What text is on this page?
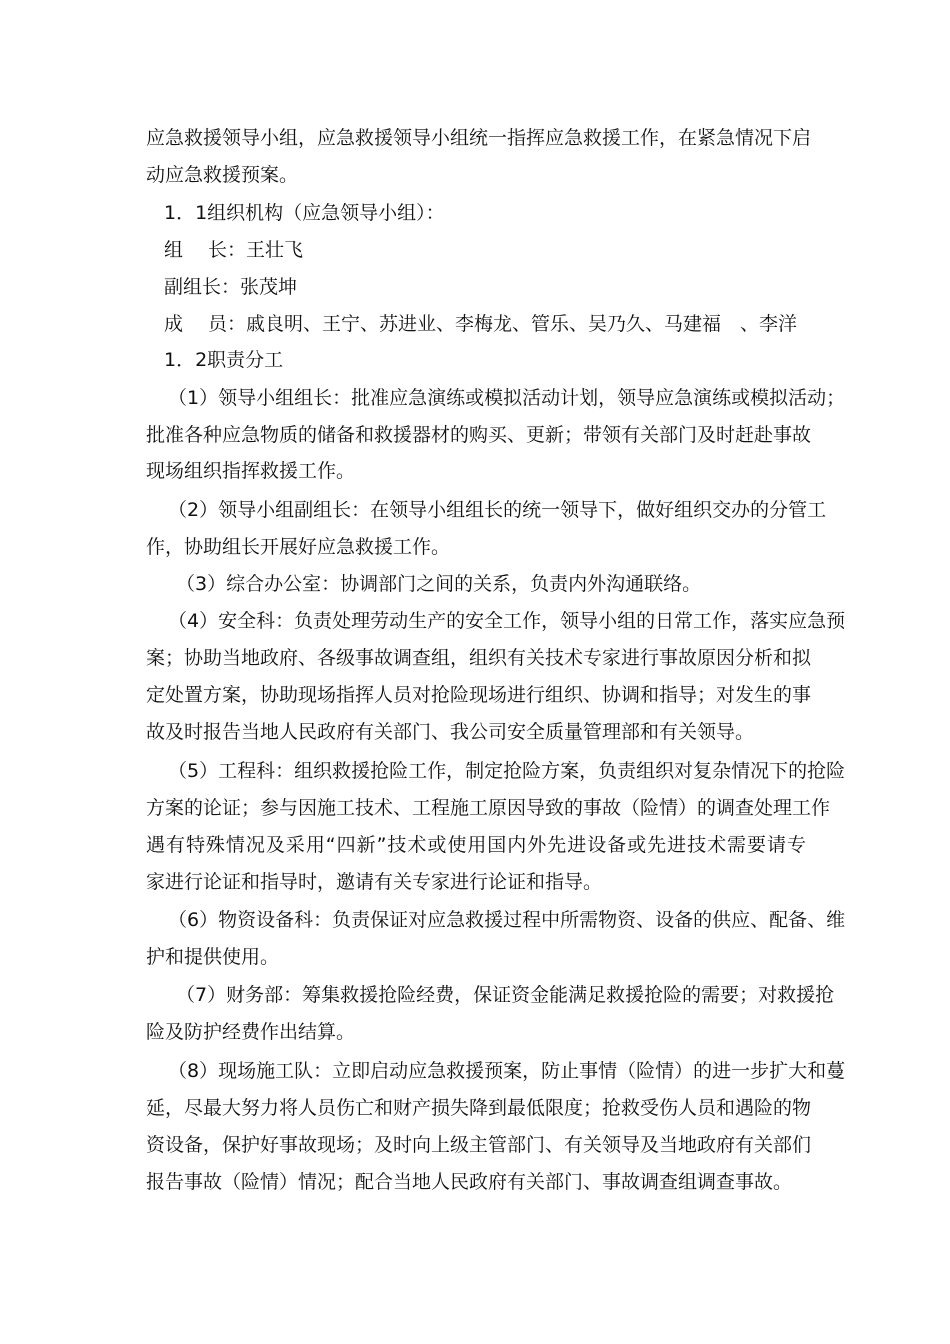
应急救援领导小组，应急救援领导小组统一指挥应急救援工作，在紧急情况下启
动应急救援预案。
1．1组织机构（应急领导小组）：
组　 长：王壮飞
副组长：张茂坤
成　 员：戚良明、王宁、苏进业、李梅龙、管乐、吴乃久、马建福　、李洋
1．2职责分工
（1）领导小组组长：批准应急演练或模拟活动计划，领导应急演练或模拟活动；
批准各种应急物质的储备和救援器材的购买、更新；带领有关部门及时赶赴事故
现场组织指挥救援工作。
（2）领导小组副组长：在领导小组组长的统一领导下，做好组织交办的分管工
作，协助组长开展好应急救援工作。
（3）综合办公室：协调部门之间的关系，负责内外沟通联络。
（4）安全科：负责处理劳动生产的安全工作，领导小组的日常工作，落实应急预
案；协助当地政府、各级事故调查组，组织有关技术专家进行事故原因分析和拟
定处置方案，协助现场指挥人员对抢险现场进行组织、协调和指导；对发生的事
故及时报告当地人民政府有关部门、我公司安全质量管理部和有关领导。
（5）工程科：组织救援抢险工作，制定抢险方案，负责组织对复杂情况下的抢险
方案的论证；参与因施工技术、工程施工原因导致的事故（险情）的调查处理工作
遇有特殊情况及采用“四新”技术或使用国内外先进设备或先进技术需要请专
家进行论证和指导时，邀请有关专家进行论证和指导。
（6）物资设备科：负责保证对应急救援过程中所需物资、设备的供应、配备、维
护和提供使用。
（7）财务部：筹集救援抢险经费，保证资金能满足救援抢险的需要；对救援抢
险及防护经费作出结算。
（8）现场施工队：立即启动应急救援预案，防止事情（险情）的进一步扩大和蔓
延，尽最大努力将人员伤亡和财产损失降到最低限度；抢救受伤人员和遇险的物
资设备，保护好事故现场；及时向上级主管部门、有关领导及当地政府有关部们
报告事故（险情）情况；配合当地人民政府有关部门、事故调查组调查事故。
